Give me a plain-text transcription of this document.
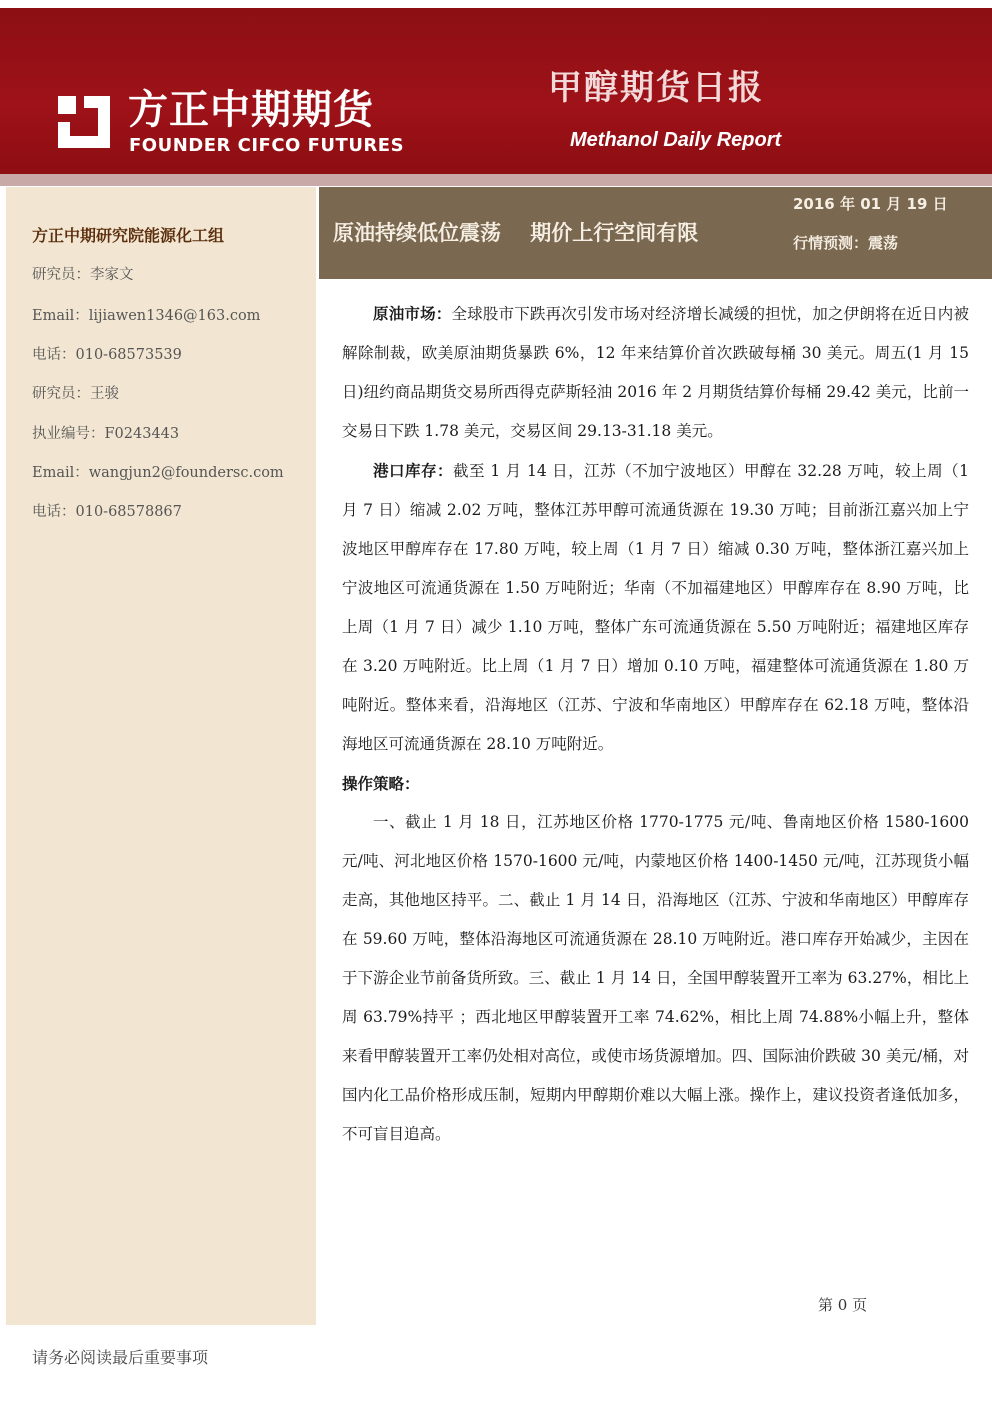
方正中期期货
FOUNDER CIFCO FUTURES
甲醇期货日报
Methanol Daily Report
方正中期研究院能源化工组
研究员：李家文
Email：lijiawen1346@163.com
电话：010-68573539
研究员：王骏
执业编号：F0243443
Email：wangjun2@foundersc.com
电话：010-68578867
原油持续低位震荡    期价上行空间有限
2016 年 01 月 19 日
行情预测：震荡

原油市场：全球股市下跌再次引发市场对经济增长减缓的担忧，加之伊朗将在近日内被解除制裁，欧美原油期货暴跌 6%，12 年来结算价首次跌破每桶 30 美元。周五(1 月 15 日)纽约商品期货交易所西得克萨斯轻油 2016 年 2 月期货结算价每桶 29.42 美元，比前一交易日下跌 1.78 美元，交易区间 29.13-31.18 美元。

港口库存：截至 1 月 14 日，江苏（不加宁波地区）甲醇在 32.28 万吨，较上周（1 月 7 日）缩减 2.02 万吨，整体江苏甲醇可流通货源在 19.30 万吨；目前浙江嘉兴加上宁波地区甲醇库存在 17.80 万吨，较上周（1 月 7 日）缩减 0.30 万吨，整体浙江嘉兴加上宁波地区可流通货源在 1.50 万吨附近；华南（不加福建地区）甲醇库存在 8.90 万吨，比上周（1 月 7 日）减少 1.10 万吨，整体广东可流通货源在 5.50 万吨附近；福建地区库存在 3.20 万吨附近。比上周（1 月 7 日）增加 0.10 万吨，福建整体可流通货源在 1.80 万吨附近。整体来看，沿海地区（江苏、宁波和华南地区）甲醇库存在 62.18 万吨，整体沿海地区可流通货源在 28.10 万吨附近。

操作策略：

一、截止 1 月 18 日，江苏地区价格 1770-1775 元/吨、鲁南地区价格 1580-1600 元/吨、河北地区价格 1570-1600 元/吨，内蒙地区价格 1400-1450 元/吨，江苏现货小幅走高，其他地区持平。二、截止 1 月 14 日，沿海地区（江苏、宁波和华南地区）甲醇库存在 59.60 万吨，整体沿海地区可流通货源在 28.10 万吨附近。港口库存开始减少，主因在于下游企业节前备货所致。三、截止 1 月 14 日，全国甲醇装置开工率为 63.27%，相比上周 63.79%持平 ；西北地区甲醇装置开工率 74.62%，相比上周 74.88%小幅上升，整体来看甲醇装置开工率仍处相对高位，或使市场货源增加。四、国际油价跌破 30 美元/桶，对国内化工品价格形成压制，短期内甲醇期价难以大幅上涨。操作上，建议投资者逢低加多，不可盲目追高。

第 0 页
请务必阅读最后重要事项
